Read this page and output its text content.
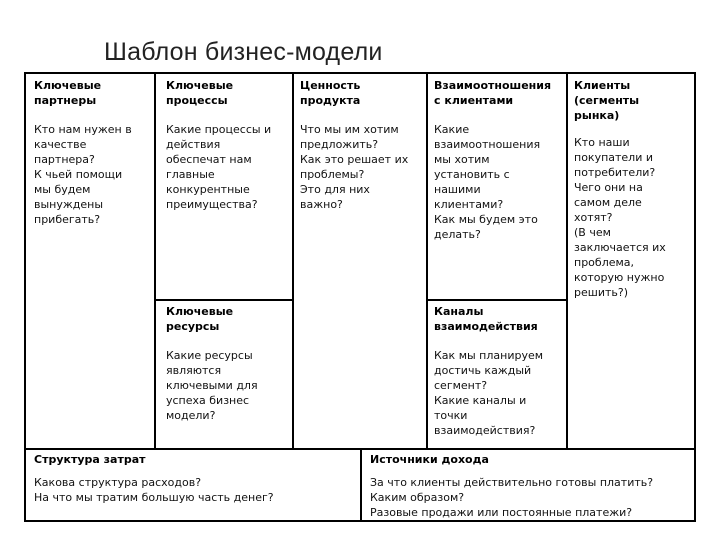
Шаблон бизнес-модели

Ключевые
партнеры

Кто нам нужен в
качестве
партнера?
К чьей помощи
мы будем
вынуждены
прибегать?

Ключевые
процессы

Какие процессы и
действия
обеспечат нам
главные
конкурентные
преимущества?

Ценность
продукта

Что мы им хотим
предложить?
Как это решает их
проблемы?
Это для них
важно?

Взаимоотношения
с клиентами

Какие
взаимоотношения
мы хотим
установить с
нашими
клиентами?
Как мы будем это
делать?

Клиенты
(сегменты
рынка)

Кто наши
покупатели и
потребители?
Чего они на
самом деле
хотят?
(В чем
заключается их
проблема,
которую нужно
решить?)

Ключевые
ресурсы

Какие ресурсы
являются
ключевыми для
успеха бизнес
модели?

Каналы
взаимодействия

Как мы планируем
достичь каждый
сегмент?
Какие каналы и
точки
взаимодействия?

Структура затрат

Какова структура расходов?
На что мы тратим большую часть денег?

Источники дохода

За что клиенты действительно готовы платить?
Каким образом?
Разовые продажи или постоянные платежи?
